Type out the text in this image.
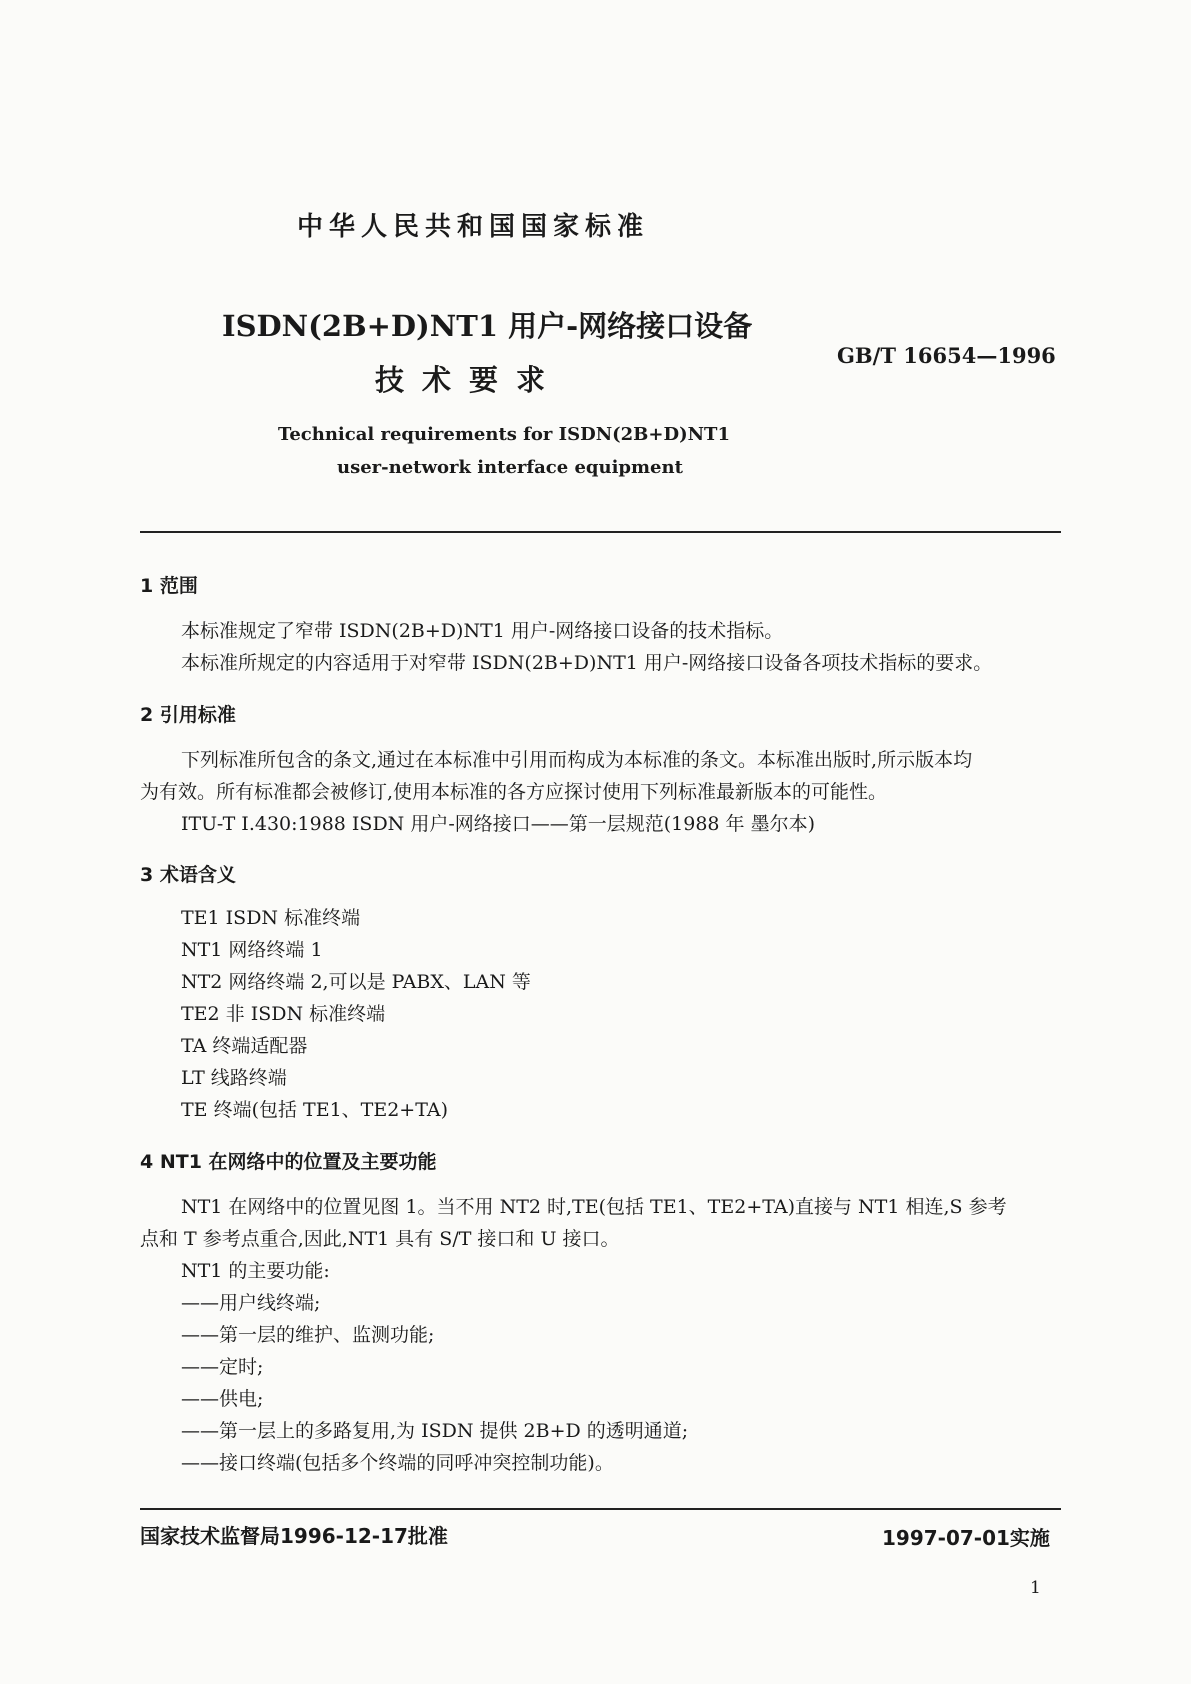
中华人民共和国国家标准
ISDN(2B+D)NT1 用户-网络接口设备
技术要求
GB/T 16654—1996
Technical requirements for ISDN(2B+D)NT1
user-network interface equipment
1 范围
本标准规定了窄带 ISDN(2B+D)NT1 用户-网络接口设备的技术指标。
本标准所规定的内容适用于对窄带 ISDN(2B+D)NT1 用户-网络接口设备各项技术指标的要求。
2 引用标准
下列标准所包含的条文,通过在本标准中引用而构成为本标准的条文。本标准出版时,所示版本均
为有效。所有标准都会被修订,使用本标准的各方应探讨使用下列标准最新版本的可能性。
ITU-T I.430:1988 ISDN 用户-网络接口——第一层规范(1988 年 墨尔本)
3 术语含义
TE1 ISDN 标准终端
NT1 网络终端 1
NT2 网络终端 2,可以是 PABX、LAN 等
TE2 非 ISDN 标准终端
TA 终端适配器
LT 线路终端
TE 终端(包括 TE1、TE2+TA)
4 NT1 在网络中的位置及主要功能
NT1 在网络中的位置见图 1。当不用 NT2 时,TE(包括 TE1、TE2+TA)直接与 NT1 相连,S 参考
点和 T 参考点重合,因此,NT1 具有 S/T 接口和 U 接口。
NT1 的主要功能:
——用户线终端;
——第一层的维护、监测功能;
——定时;
——供电;
——第一层上的多路复用,为 ISDN 提供 2B+D 的透明通道;
——接口终端(包括多个终端的同呼冲突控制功能)。
国家技术监督局1996-12-17批准	1997-07-01实施
1
